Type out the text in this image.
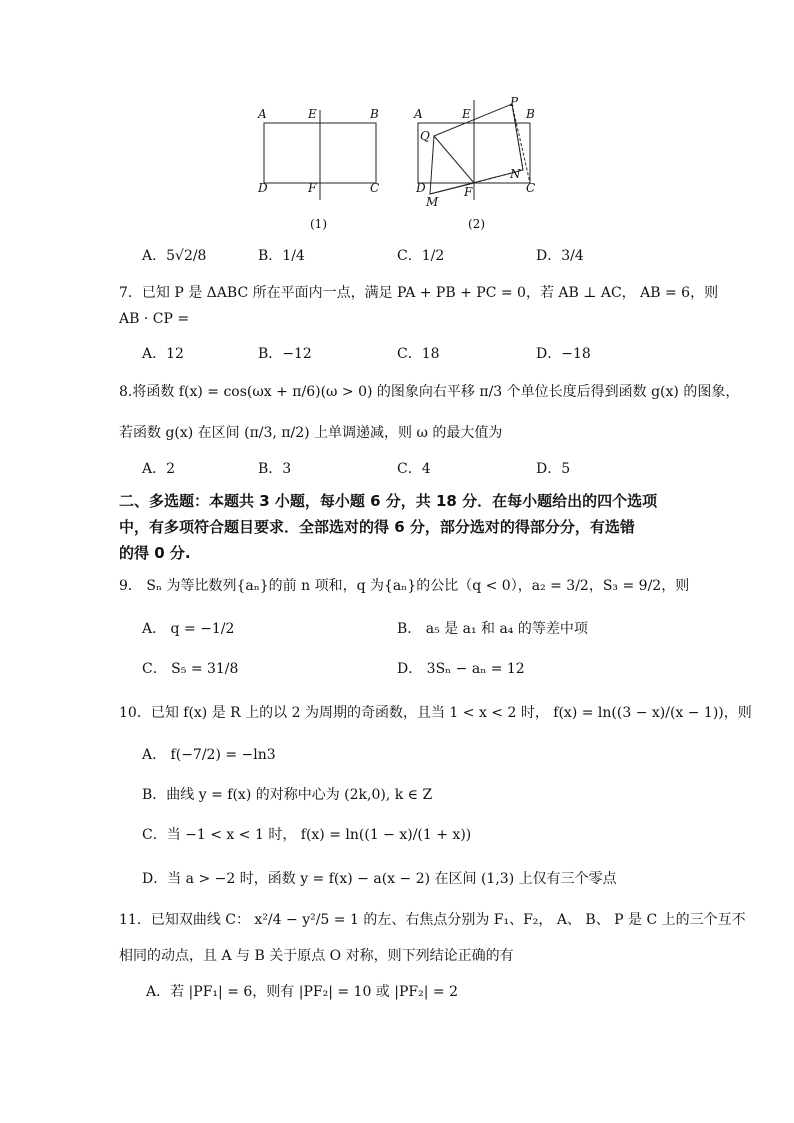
A	E	B
D	F	C
(1)
A	E
P
B
Q
N
D
M
F	C
(2)
A．5√2/8	B．1/4	C．1/2	D．3/4
7．已知 P 是 ΔABC 所在平面内一点，满足 PA + PB + PC = 0，若 AB ⊥ AC， AB = 6，则
AB · CP =
A．12	B．−12	C．18	D．−18
8.将函数 f(x) = cos(ωx + π/6)(ω > 0) 的图象向右平移 π/3 个单位长度后得到函数 g(x) 的图象，
若函数 g(x) 在区间 (π/3, π/2) 上单调递减，则 ω 的最大值为
A．2	B．3	C．4	D．5
二、多选题：本题共 3 小题，每小题 6 分，共 18 分．在每小题给出的四个选项
中，有多项符合题目要求．全部选对的得 6 分，部分选对的得部分分，有选错
的得 0 分.
9． Sₙ 为等比数列{aₙ}的前 n 项和，q 为{aₙ}的公比（q < 0），a₂ = 3/2，S₃ = 9/2，则
A． q = −1/2	B． a₅ 是 a₁ 和 a₄ 的等差中项
C． S₅ = 31/8	D． 3Sₙ − aₙ = 12
10．已知 f(x) 是 R 上的以 2 为周期的奇函数，且当 1 < x < 2 时， f(x) = ln((3 − x)/(x − 1))，则
A． f(−7/2) = −ln3
B．曲线 y = f(x) 的对称中心为 (2k,0), k ∈ Z
C．当 −1 < x < 1 时， f(x) = ln((1 − x)/(1 + x))
D．当 a > −2 时，函数 y = f(x) − a(x − 2) 在区间 (1,3) 上仅有三个零点
11．已知双曲线 C： x²/4 − y²/5 = 1 的左、右焦点分别为 F₁、F₂， A、 B、 P 是 C 上的三个互不
相同的动点，且 A 与 B 关于原点 O 对称，则下列结论正确的有
A．若 |PF₁| = 6，则有 |PF₂| = 10 或 |PF₂| = 2
